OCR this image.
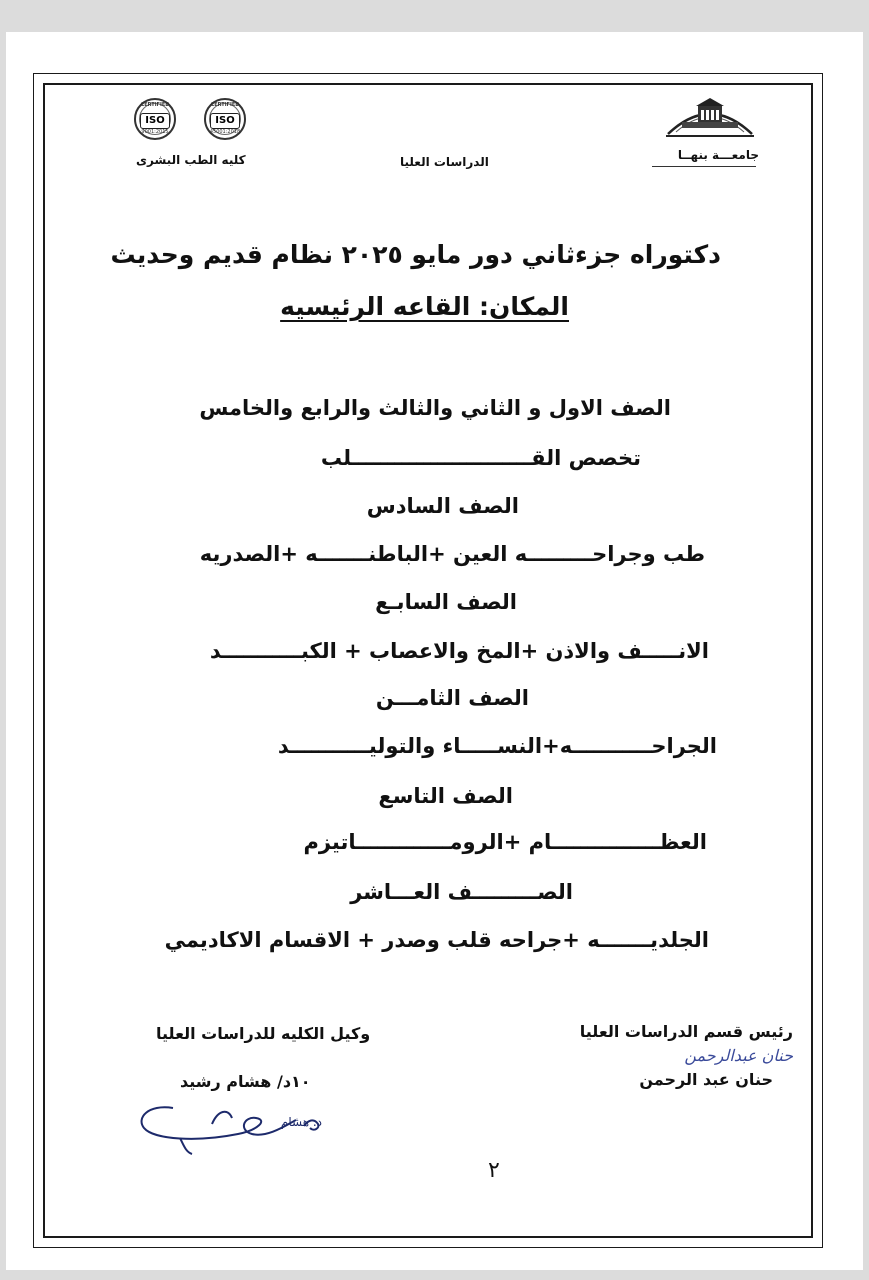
جامعـــة بنهــا
الدراسات العليا
CERTIFIED
ISO
9001:2015
CERTIFIED
ISO
45001:2018
كليه الطب البشرى
دكتوراه جزءثاني دور مايو ٢٠٢٥ نظام قديم وحديث
المكان: القاعه الرئيسيه
الصف الاول و الثاني والثالث والرابع والخامس
تخصص القـــــــــــــــــــــــــلب
الصف السادس
طب وجراحـــــــــه العين +الباطنـــــــه +الصدريه
الصف السابـع
الانـــــف والاذن +المخ والاعصاب + الكبـــــــــــد
الصف الثامـــن
الجراحـــــــــــه+النســـــاء والتوليـــــــــــد
الصف التاسع
العظـــــــــــــــام +الرومـــــــــــــاتيزم
الصـــــــــف العـــاشر
الجلديـــــــه +جراحه قلب وصدر + الاقسام الاكاديمي
رئيس قسم الدراسات العليا
حنان عبدالرحمن
حنان عبد الرحمن
وكيل الكليه للدراسات العليا
١٠د/ هشام رشيد
د. هشام
٢
